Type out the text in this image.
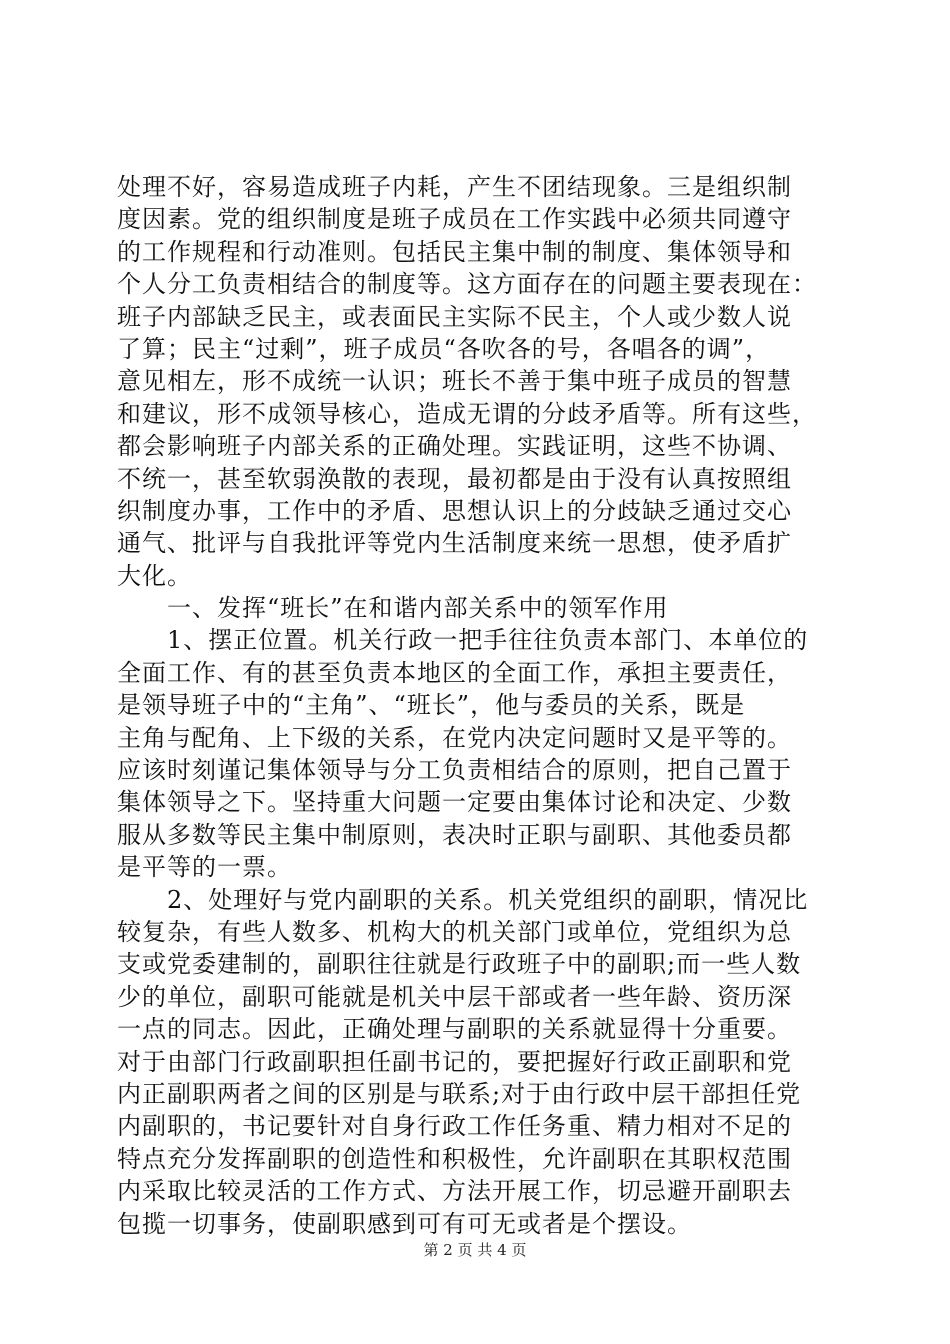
处理不好，容易造成班子内耗，产生不团结现象。三是组织制
度因素。党的组织制度是班子成员在工作实践中必须共同遵守
的工作规程和行动准则。包括民主集中制的制度、集体领导和
个人分工负责相结合的制度等。这方面存在的问题主要表现在：
班子内部缺乏民主，或表面民主实际不民主，个人或少数人说
了算；民主“过剩”，班子成员“各吹各的号，各唱各的调”，
意见相左，形不成统一认识；班长不善于集中班子成员的智慧
和建议，形不成领导核心，造成无谓的分歧矛盾等。所有这些，
都会影响班子内部关系的正确处理。实践证明，这些不协调、
不统一，甚至软弱涣散的表现，最初都是由于没有认真按照组
织制度办事，工作中的矛盾、思想认识上的分歧缺乏通过交心
通气、批评与自我批评等党内生活制度来统一思想，使矛盾扩
大化。
　　一、发挥“班长”在和谐内部关系中的领军作用
　　1、摆正位置。机关行政一把手往往负责本部门、本单位的
全面工作、有的甚至负责本地区的全面工作，承担主要责任，
是领导班子中的“主角”、“班长”，他与委员的关系，既是
主角与配角、上下级的关系，在党内决定问题时又是平等的。
应该时刻谨记集体领导与分工负责相结合的原则，把自己置于
集体领导之下。坚持重大问题一定要由集体讨论和决定、少数
服从多数等民主集中制原则，表决时正职与副职、其他委员都
是平等的一票。
　　2、处理好与党内副职的关系。机关党组织的副职，情况比
较复杂，有些人数多、机构大的机关部门或单位，党组织为总
支或党委建制的，副职往往就是行政班子中的副职;而一些人数
少的单位，副职可能就是机关中层干部或者一些年龄、资历深
一点的同志。因此，正确处理与副职的关系就显得十分重要。
对于由部门行政副职担任副书记的，要把握好行政正副职和党
内正副职两者之间的区别是与联系;对于由行政中层干部担任党
内副职的，书记要针对自身行政工作任务重、精力相对不足的
特点充分发挥副职的创造性和积极性，允许副职在其职权范围
内采取比较灵活的工作方式、方法开展工作，切忌避开副职去
包揽一切事务，使副职感到可有可无或者是个摆设。
第 2 页 共 4 页
